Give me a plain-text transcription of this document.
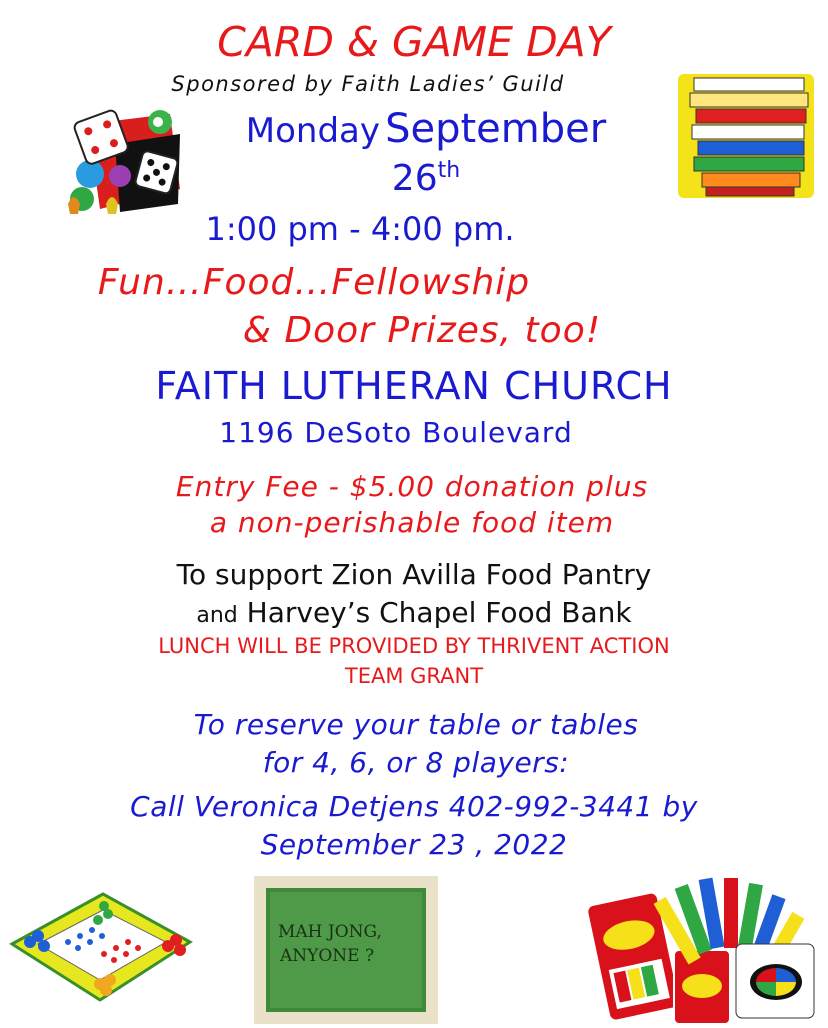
CARD & GAME DAY
Sponsored by Faith Ladies’ Guild
Monday September
26th
1:00 pm - 4:00 pm.
Fun…Food…Fellowship
& Door Prizes, too!
FAITH LUTHERAN CHURCH
1196 DeSoto Boulevard
Entry Fee - $5.00 donation plus
a non-perishable food item
To support Zion Avilla Food Pantry
and Harvey’s Chapel Food Bank
LUNCH WILL BE PROVIDED BY THRIVENT ACTION
TEAM GRANT
To reserve your table or tables
for 4, 6, or 8 players:
Call Veronica Detjens 402-992-3441 by
September 23 , 2022
MAH JONG,
ANYONE ?
